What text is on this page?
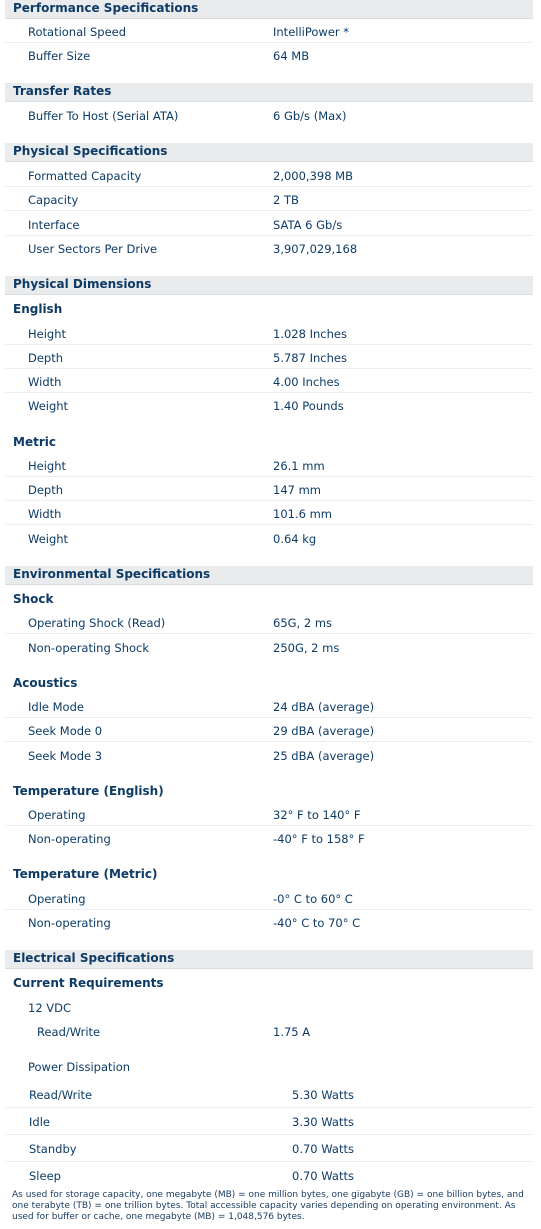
Performance Specifications
Rotational Speed	IntelliPower *
Buffer Size	64 MB
Transfer Rates
Buffer To Host (Serial ATA)	6 Gb/s (Max)
Physical Specifications
Formatted Capacity	2,000,398 MB
Capacity	2 TB
Interface	SATA 6 Gb/s
User Sectors Per Drive	3,907,029,168
Physical Dimensions
English
Height	1.028 Inches
Depth	5.787 Inches
Width	4.00 Inches
Weight	1.40 Pounds
Metric
Height	26.1 mm
Depth	147 mm
Width	101.6 mm
Weight	0.64 kg
Environmental Specifications
Shock
Operating Shock (Read)	65G, 2 ms
Non-operating Shock	250G, 2 ms
Acoustics
Idle Mode	24 dBA (average)
Seek Mode 0	29 dBA (average)
Seek Mode 3	25 dBA (average)
Temperature (English)
Operating	32° F to 140° F
Non-operating	-40° F to 158° F
Temperature (Metric)
Operating	-0° C to 60° C
Non-operating	-40° C to 70° C
Electrical Specifications
Current Requirements
12 VDC
Read/Write	1.75 A
Power Dissipation
Read/Write	5.30 Watts
Idle	3.30 Watts
Standby	0.70 Watts
Sleep	0.70 Watts
As used for storage capacity, one megabyte (MB) = one million bytes, one gigabyte (GB) = one billion bytes, and one terabyte (TB) = one trillion bytes. Total accessible capacity varies depending on operating environment. As used for buffer or cache, one megabyte (MB) = 1,048,576 bytes.
